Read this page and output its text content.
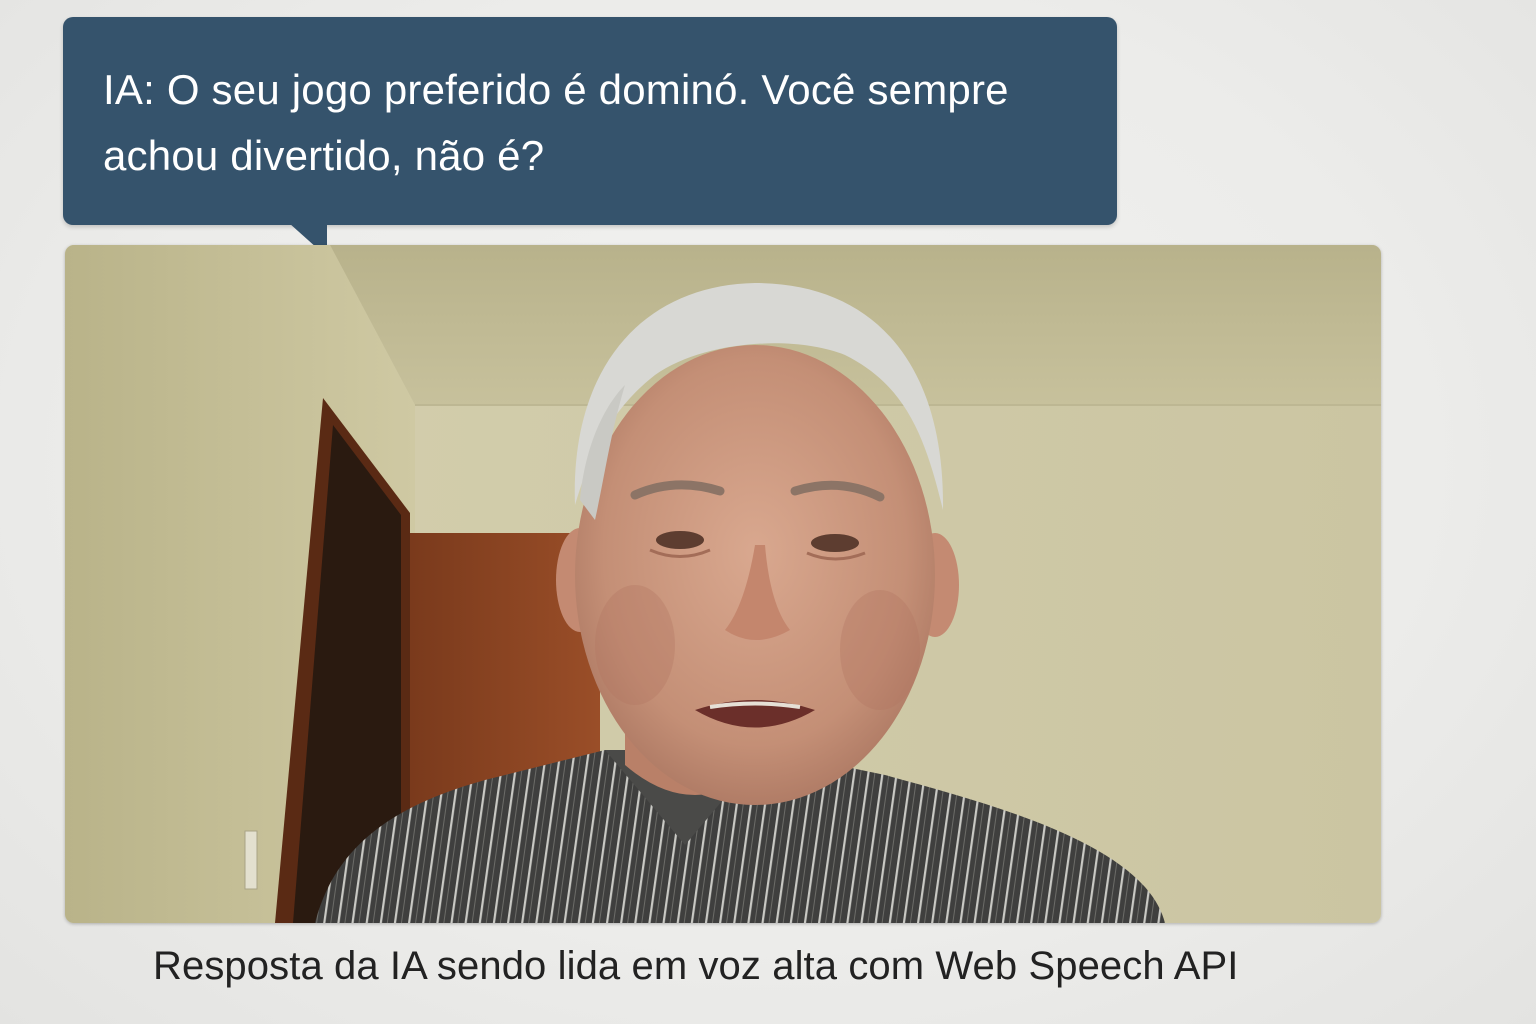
IA: O seu jogo preferido é dominó. Você sempre

achou divertido, não é?

Resposta da IA sendo lida em voz alta com Web Speech API
